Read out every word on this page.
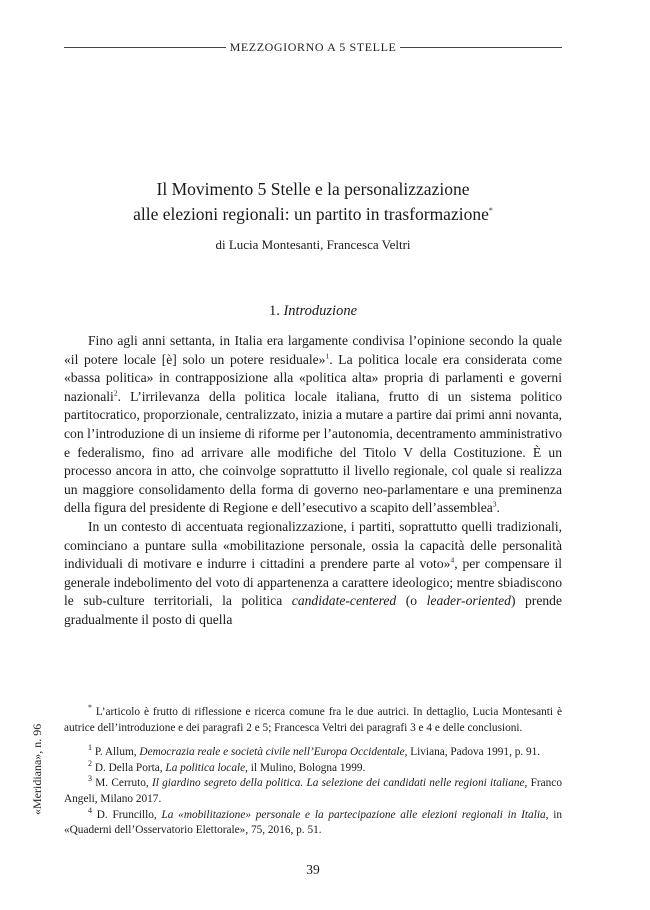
MEZZOGIORNO A 5 STELLE
Il Movimento 5 Stelle e la personalizzazione
alle elezioni regionali: un partito in trasformazione*
di Lucia Montesanti, Francesca Veltri
1. Introduzione

Fino agli anni settanta, in Italia era largamente condivisa l’opinione secondo la quale «il potere locale [è] solo un potere residuale»$^1$. La politica locale era considerata come «bassa politica» in contrapposizione alla «politica alta» propria di parlamenti e governi nazionali$^2$. L’irrilevanza della politica locale italiana, frutto di un sistema politico partitocratico, proporzionale, centralizzato, inizia a mutare a partire dai primi anni novanta, con l’introduzione di un insieme di riforme per l’autonomia, decentramento amministrativo e federalismo, fino ad arrivare alle modifiche del Titolo V della Costituzione. È un processo ancora in atto, che coinvolge soprattutto il livello regionale, col quale si realizza un maggiore consolidamento della forma di governo neo-parlamentare e una preminenza della figura del presidente di Regione e dell’esecutivo a scapito dell’assemblea$^3$.

In un contesto di accentuata regionalizzazione, i partiti, soprattutto quelli tradizionali, cominciano a puntare sulla «mobilitazione personale, ossia la capacità delle personalità individuali di motivare e indurre i cittadini a prendere parte al voto»$^4$, per compensare il generale indebolimento del voto di appartenenza a carattere ideologico; mentre sbiadiscono le sub-culture territoriali, la politica candidate-centered (o leader-oriented) prende gradualmente il posto di quella

* L’articolo è frutto di riflessione e ricerca comune fra le due autrici. In dettaglio, Lucia Montesanti è autrice dell’introduzione e dei paragrafi 2 e 5; Francesca Veltri dei paragrafi 3 e 4 e delle conclusioni.

$^1$ P. Allum, Democrazia reale e società civile nell’Europa Occidentale, Liviana, Padova 1991, p. 91.

$^2$ D. Della Porta, La politica locale, il Mulino, Bologna 1999.

$^3$ M. Cerruto, Il giardino segreto della politica. La selezione dei candidati nelle regioni italiane, Franco Angeli, Milano 2017.

$^4$ D. Fruncillo, La «mobilitazione» personale e la partecipazione alle elezioni regionali in Italia, in «Quaderni dell’Osservatorio Elettorale», 75, 2016, p. 51.

«Meridiana», n. 96
39
